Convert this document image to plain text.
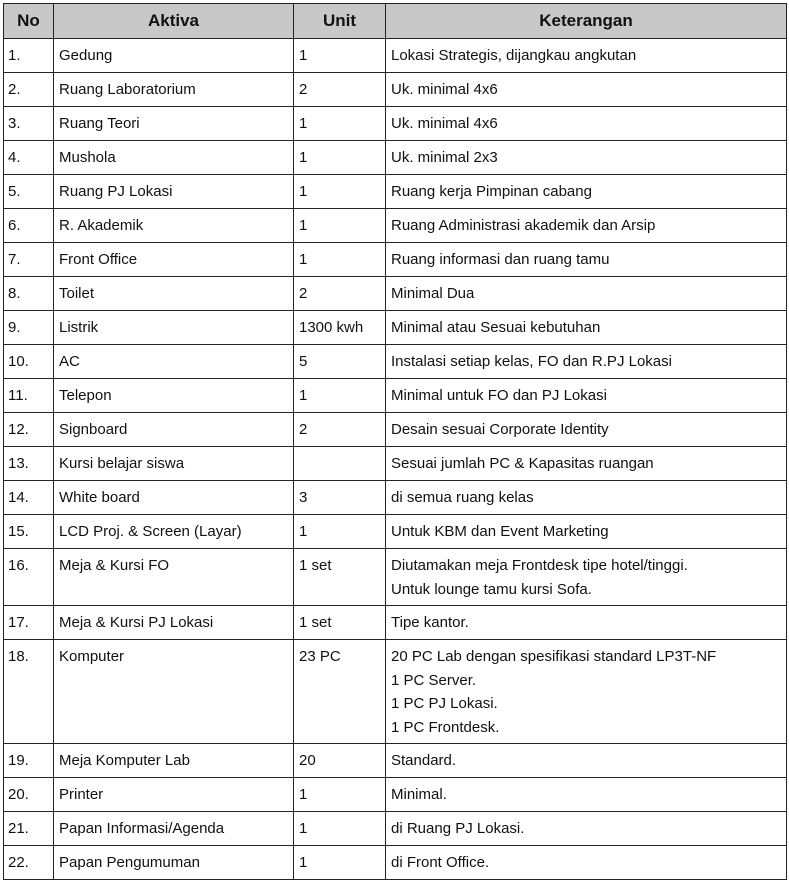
No	Aktiva	Unit	Keterangan
1.	Gedung	1	Lokasi Strategis, dijangkau angkutan

2.	Ruang Laboratorium	2	Uk. minimal 4x6

3.	Ruang Teori	1	Uk. minimal 4x6

4.	Mushola	1	Uk. minimal 2x3

5.	Ruang PJ Lokasi	1	Ruang kerja Pimpinan cabang

6.	R. Akademik	1	Ruang Administrasi akademik dan Arsip

7.	Front Office	1	Ruang informasi dan ruang tamu

8.	Toilet	2	Minimal Dua

9.	Listrik	1300 kwh	Minimal atau Sesuai kebutuhan

10.	AC	5	Instalasi setiap kelas, FO dan R.PJ Lokasi

11.	Telepon	1	Minimal untuk FO dan PJ Lokasi

12.	Signboard	2	Desain sesuai Corporate Identity

13.	Kursi belajar siswa		Sesuai jumlah PC & Kapasitas ruangan

14.	White board	3	di semua ruang kelas

15.	LCD Proj. & Screen (Layar)	1	Untuk KBM dan Event Marketing

16.	Meja & Kursi FO	1 set	Diutamakan meja Frontdesk tipe hotel/tinggi.
Untuk lounge tamu kursi Sofa.

17.	Meja & Kursi PJ Lokasi	1 set	Tipe kantor.

18.	Komputer	23 PC	20 PC Lab dengan spesifikasi standard LP3T-NF
1 PC Server.
1 PC PJ Lokasi.
1 PC Frontdesk.

19.	Meja Komputer Lab	20	Standard.

20.	Printer	1	Minimal.

21.	Papan Informasi/Agenda	1	di Ruang PJ Lokasi.

22.	Papan Pengumuman	1	di Front Office.
